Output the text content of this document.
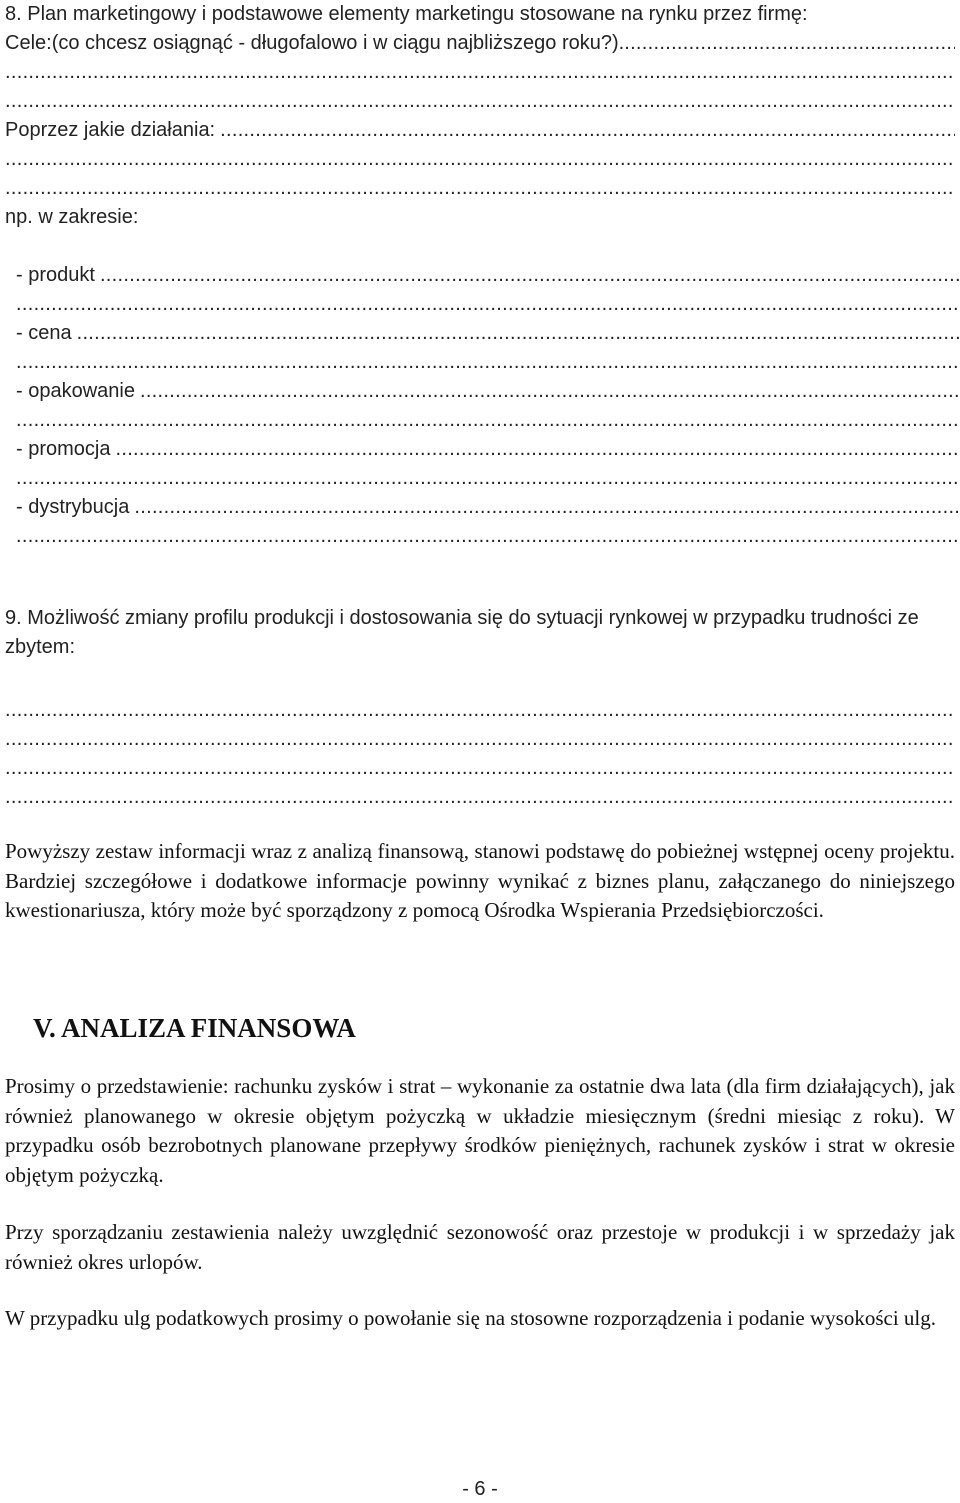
8. Plan marketingowy i podstawowe elementy marketingu stosowane na rynku przez firmę:
Cele:(co chcesz osiągnąć - długofalowo i w ciągu najbliższego roku?).
.....
.....
.....
Poprzez jakie działania:
.....
.....
.....
np. w zakresie:
- produkt
.....
.....
- cena
.....
.....
- opakowanie
.....
.....
- promocja
.....
.....
- dystrybucja
.....
.....

9. Możliwość zmiany profilu produkcji i dostosowania się do sytuacji rynkowej w przypadku trudności ze zbytem:

.....
.....
.....
.....

Powyższy zestaw informacji wraz z analizą finansową, stanowi podstawę do pobieżnej wstępnej oceny projektu. Bardziej szczegółowe i dodatkowe informacje powinny wynikać z biznes planu, załączanego do niniejszego kwestionariusza, który może być sporządzony z pomocą Ośrodka Wspierania Przedsiębiorczości.

V. ANALIZA FINANSOWA

Prosimy o przedstawienie: rachunku zysków i strat – wykonanie za ostatnie dwa lata (dla firm działających), jak również planowanego w okresie objętym pożyczką w układzie miesięcznym (średni miesiąc z roku). W przypadku osób bezrobotnych planowane przepływy środków pieniężnych, rachunek zysków i strat w okresie objętym pożyczką.

Przy sporządzaniu zestawienia należy uwzględnić sezonowość oraz przestoje w produkcji i w sprzedaży jak również okres urlopów.

W przypadku ulg podatkowych prosimy o powołanie się na stosowne rozporządzenia i podanie wysokości ulg.

- 6 -
